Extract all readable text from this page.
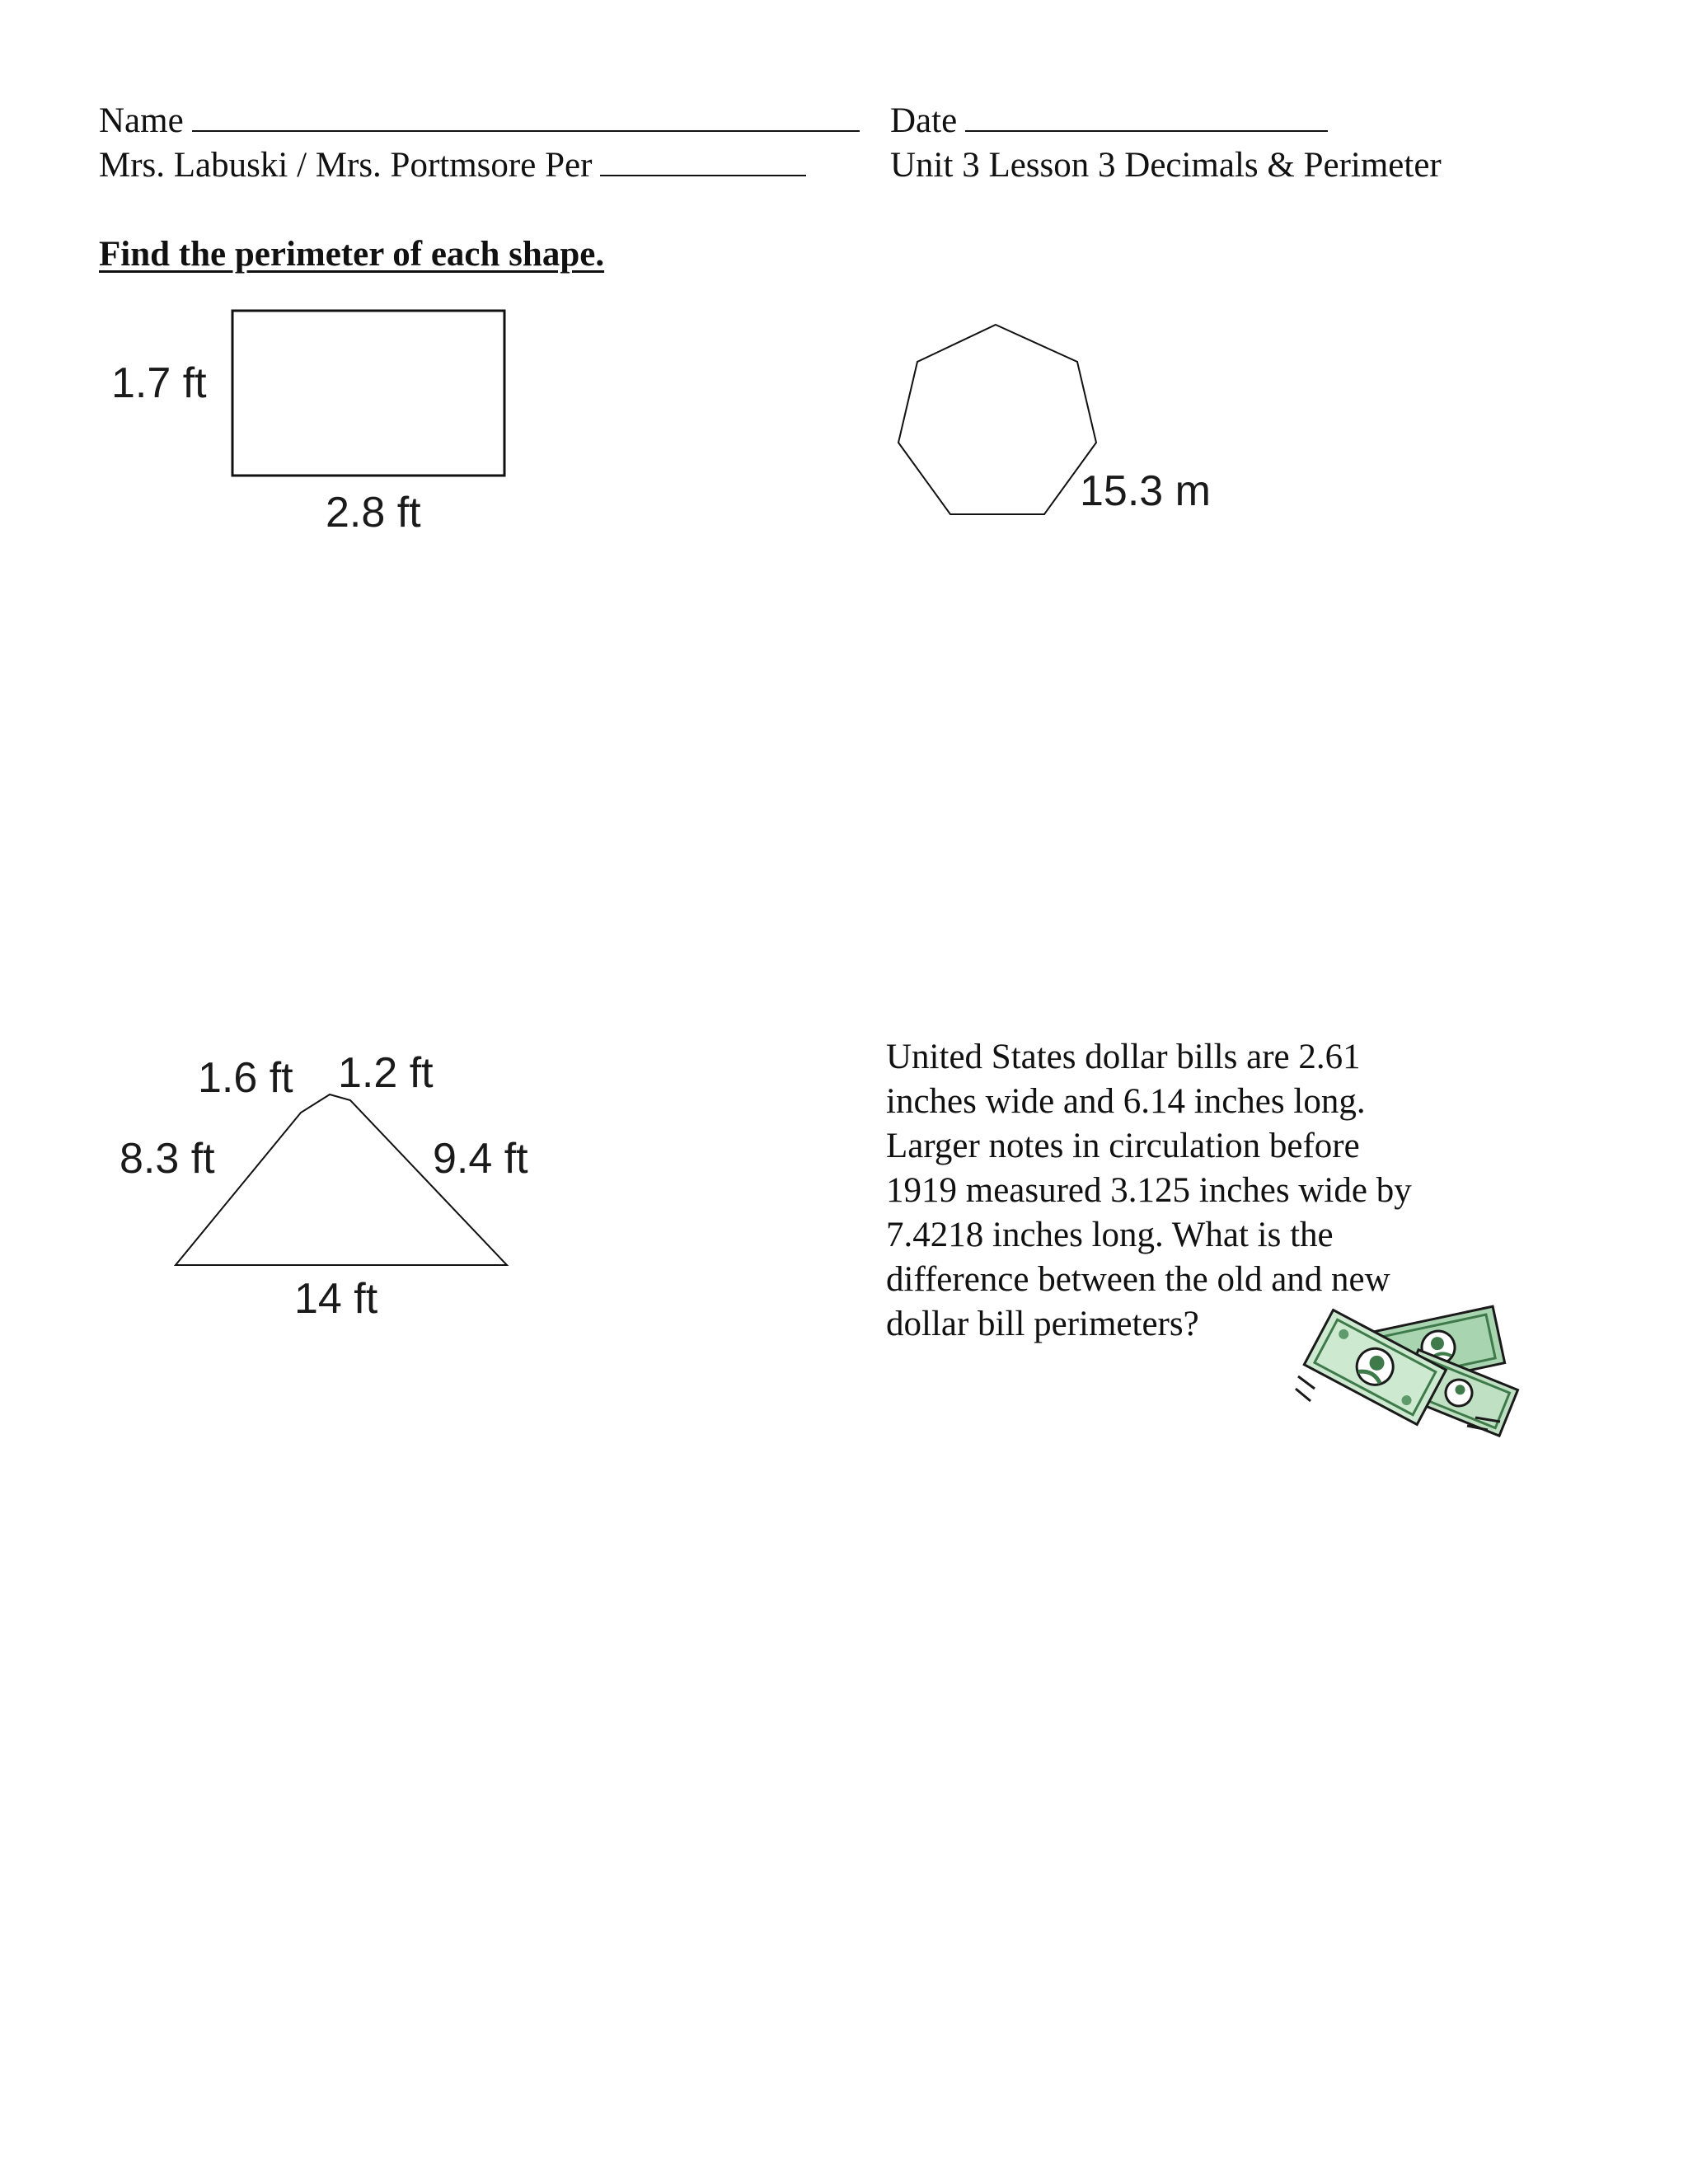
Name	Date
Mrs. Labuski / Mrs. Portmsore Per	Unit 3 Lesson 3 Decimals & Perimeter
Find the perimeter of each shape.
1.7 ft
2.8 ft	15.3 m
1.6 ft 1.2 ft
8.3 ft	9.4 ft
14 ft
United States dollar bills are 2.61
inches wide and 6.14 inches long.
Larger notes in circulation before
1919 measured 3.125 inches wide by
7.4218 inches long. What is the
difference between the old and new
dollar bill perimeters?
